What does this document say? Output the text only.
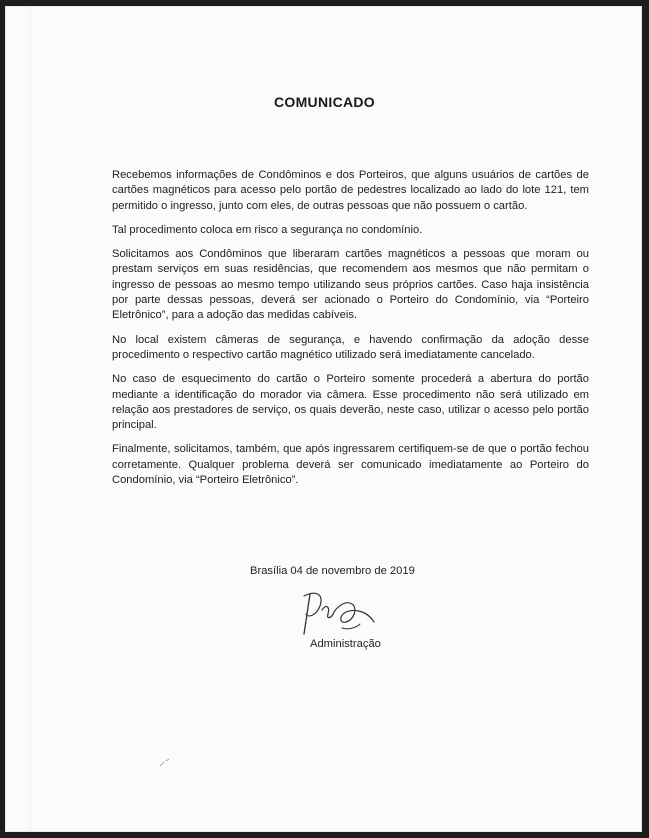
COMUNICADO

Recebemos informações de Condôminos e dos Porteiros, que alguns usuários de cartões de cartões magnéticos para acesso pelo portão de pedestres localizado ao lado do lote 121, tem permitido o ingresso, junto com eles, de outras pessoas que não possuem o cartão.

Tal procedimento coloca em risco a segurança no condomínio.

Solicitamos aos Condôminos que liberaram cartões magnéticos a pessoas que moram ou prestam serviços em suas residências, que recomendem aos mesmos que não permitam o ingresso de pessoas ao mesmo tempo utilizando seus próprios cartões. Caso haja insistência por parte dessas pessoas, deverá ser acionado o Porteiro do Condomínio, via “Porteiro Eletrônico”, para a adoção das medidas cabíveis.

No local existem câmeras de segurança, e havendo confirmação da adoção desse procedimento o respectivo cartão magnético utilizado será imediatamente cancelado.

No caso de esquecimento do cartão o Porteiro somente procederá a abertura do portão mediante a identificação do morador via câmera. Esse procedimento não será utilizado em relação aos prestadores de serviço, os quais deverão, neste caso, utilizar o acesso pelo portão principal.

Finalmente, solicitamos, também, que após ingressarem certifiquem-se de que o portão fechou corretamente. Qualquer problema deverá ser comunicado imediatamente ao Porteiro do Condomínio, via “Porteiro Eletrônico”.

Brasília 04 de novembro de 2019
Administração
